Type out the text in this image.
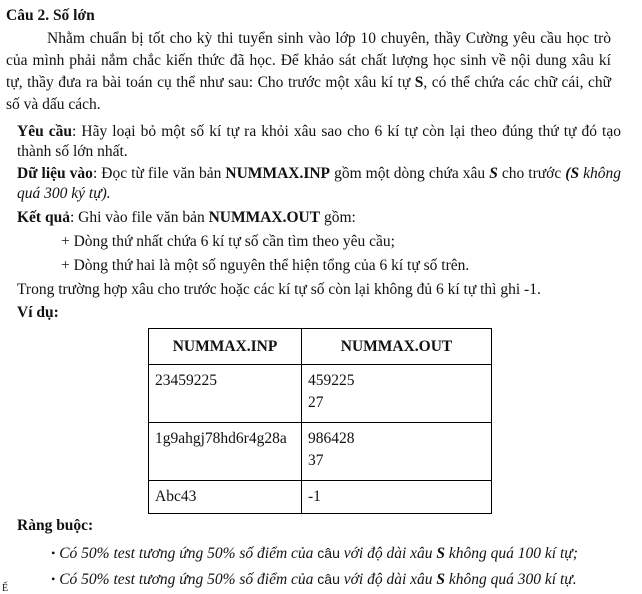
Câu 2. Số lớn
Nhằm chuẩn bị tốt cho kỳ thi tuyển sinh vào lớp 10 chuyên, thầy Cường yêu cầu học trò
của mình phải nắm chắc kiến thức đã học. Để khảo sát chất lượng học sinh về nội dung xâu kí
tự, thầy đưa ra bài toán cụ thể như sau: Cho trước một xâu kí tự S, có thể chứa các chữ cái, chữ
số và dấu cách.
Yêu cầu: Hãy loại bỏ một số kí tự ra khỏi xâu sao cho 6 kí tự còn lại theo đúng thứ tự đó tạo
thành số lớn nhất.
Dữ liệu vào: Đọc từ file văn bản NUMMAX.INP gồm một dòng chứa xâu S cho trước (S không
quá 300 ký tự).
Kết quả: Ghi vào file văn bản NUMMAX.OUT gồm:
+ Dòng thứ nhất chứa 6 kí tự số cần tìm theo yêu cầu;
+ Dòng thứ hai là một số nguyên thể hiện tổng của 6 kí tự số trên.
Trong trường hợp xâu cho trước hoặc các kí tự số còn lại không đủ 6 kí tự thì ghi -1.
Ví dụ:
NUMMAX.INP	NUMMAX.OUT

23459225	459225
27

1g9ahgj78hd6r4g28a	986428
37

Abc43	-1
Ràng buộc:
• Có 50% test tương ứng 50% số điểm của câu với độ dài xâu S không quá 100 kí tự;
• Có 50% test tương ứng 50% số điểm của câu với độ dài xâu S không quá 300 kí tự.
Ế
